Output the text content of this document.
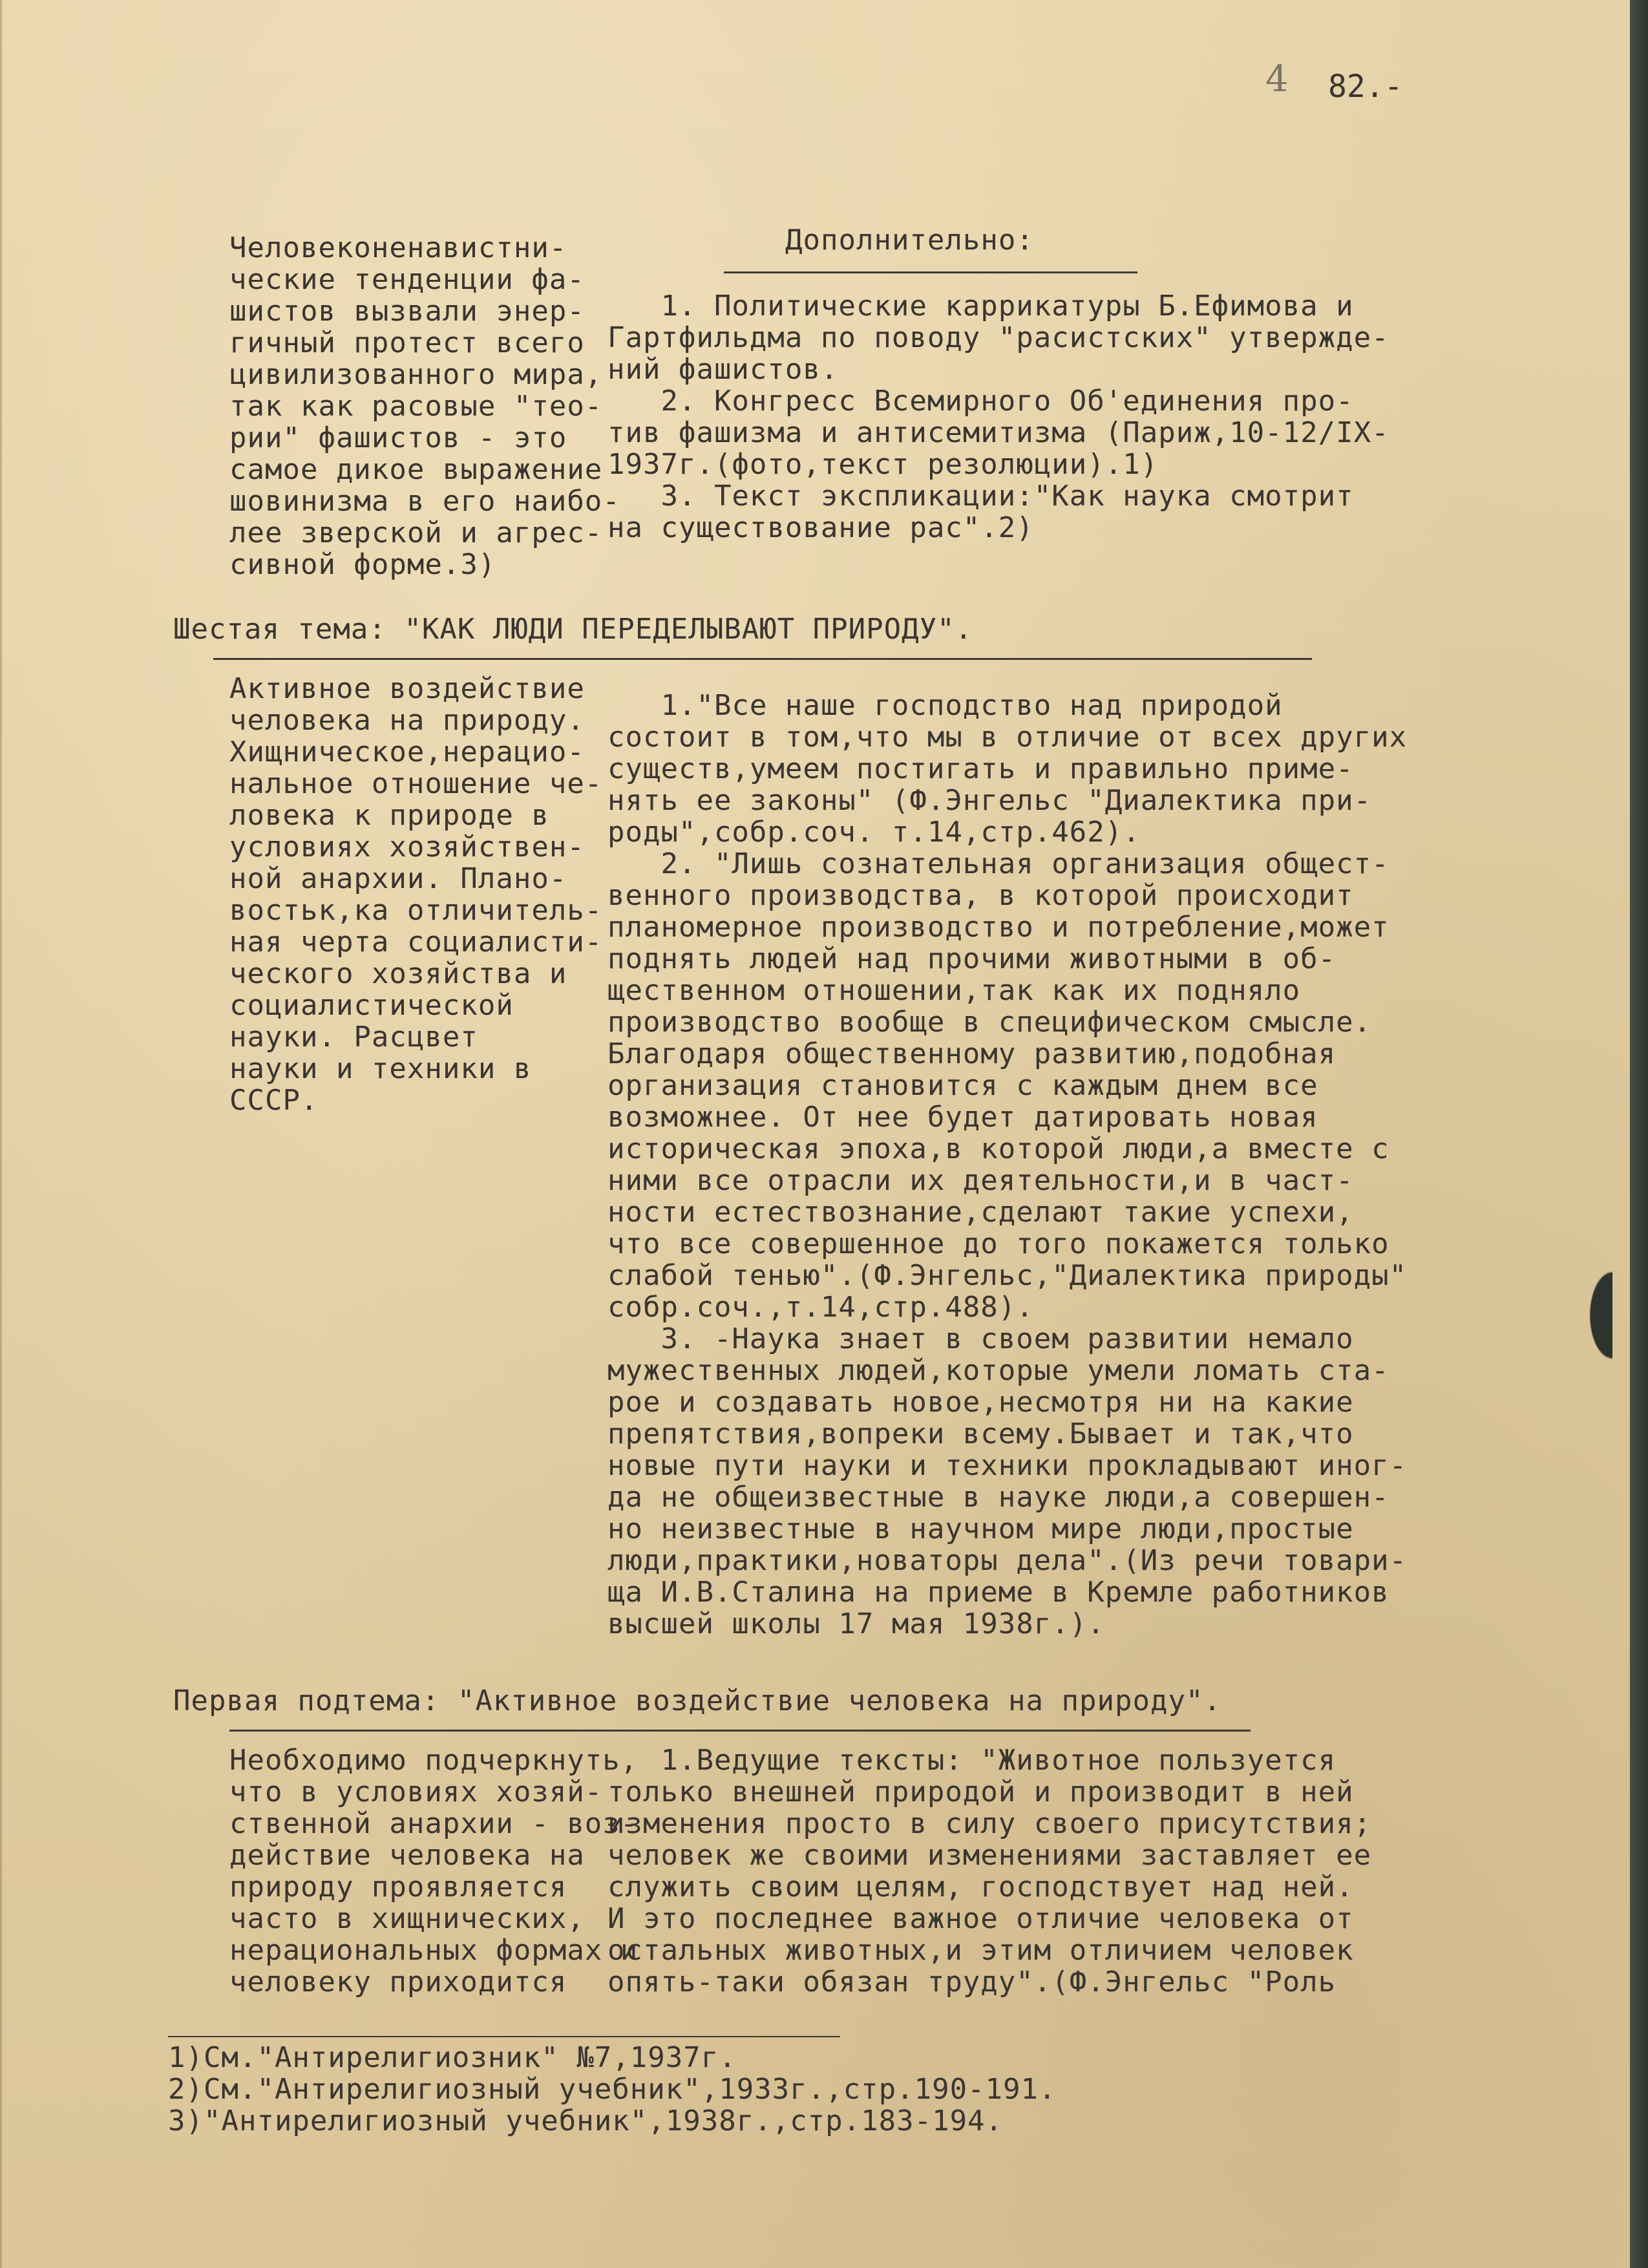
4 82.-
Человеконенавистни-
ческие тенденции фа-
шистов вызвали энер-
гичный протест всего
цивилизованного мира,
так как расовые "тео-
рии" фашистов - это
самое дикое выражение
шовинизма в его наибо-
лее зверской и агрес-
сивной форме.3)
Дополнительно:
1. Политические каррикатуры Б.Ефимова и
Гартфильдма по поводу "расистских" утвержде-
ний фашистов.
2. Конгресс Всемирного Об'единения про-
тив фашизма и антисемитизма (Париж,10-12/IX-
1937г.(фото,текст резолюции).1)
3. Текст экспликации:"Как наука смотрит
на существование рас".2)
Шестая тема: "КАК ЛЮДИ ПЕРЕДЕЛЫВАЮТ ПРИРОДУ".
Активное воздействие
человека на природу.
Хищническое,нерацио-
нальное отношение че-
ловека к природе в
условиях хозяйствен-
ной анархии. Плано-
востьк,ка отличитель-
ная черта социалисти-
ческого хозяйства и
социалистической
науки. Расцвет
науки и техники в
СССР.
1."Все наше господство над природой
состоит в том,что мы в отличие от всех других
существ,умеем постигать и правильно приме-
нять ее законы" (Ф.Энгельс "Диалектика при-
роды",собр.соч. т.14,стр.462).
2. "Лишь сознательная организация общест-
венного производства, в которой происходит
планомерное производство и потребление,может
поднять людей над прочими животными в об-
щественном отношении,так как их подняло
производство вообще в специфическом смысле.
Благодаря общественному развитию,подобная
организация становится с каждым днем все
возможнее. От нее будет датировать новая
историческая эпоха,в которой люди,а вместе с
ними все отрасли их деятельности,и в част-
ности естествознание,сделают такие успехи,
что все совершенное до того покажется только
слабой тенью".(Ф.Энгельс,"Диалектика природы"
собр.соч.,т.14,стр.488).
3. -Наука знает в своем развитии немало
мужественных людей,которые умели ломать ста-
рое и создавать новое,несмотря ни на какие
препятствия,вопреки всему.Бывает и так,что
новые пути науки и техники прокладывают иног-
да не общеизвестные в науке люди,а совершен-
но неизвестные в научном мире люди,простые
люди,практики,новаторы дела".(Из речи товари-
ща И.В.Сталина на приеме в Кремле работников
высшей школы 17 мая 1938г.).
Первая подтема: "Активное воздействие человека на природу".
Необходимо подчеркнуть,
что в условиях хозяй-
ственной анархии - воз-
действие человека на
природу проявляется
часто в хищнических,
нерациональных формах и
человеку приходится
1.Ведущие тексты: "Животное пользуется
только внешней природой и производит в ней
изменения просто в силу своего присутствия;
человек же своими изменениями заставляет ее
служить своим целям, господствует над ней.
И это последнее важное отличие человека от
остальных животных,и этим отличием человек
опять-таки обязан труду".(Ф.Энгельс "Роль
1)См."Антирелигиозник" №7,1937г.
2)См."Антирелигиозный учебник",1933г.,стр.190-191.
3)"Антирелигиозный учебник",1938г.,стр.183-194.
